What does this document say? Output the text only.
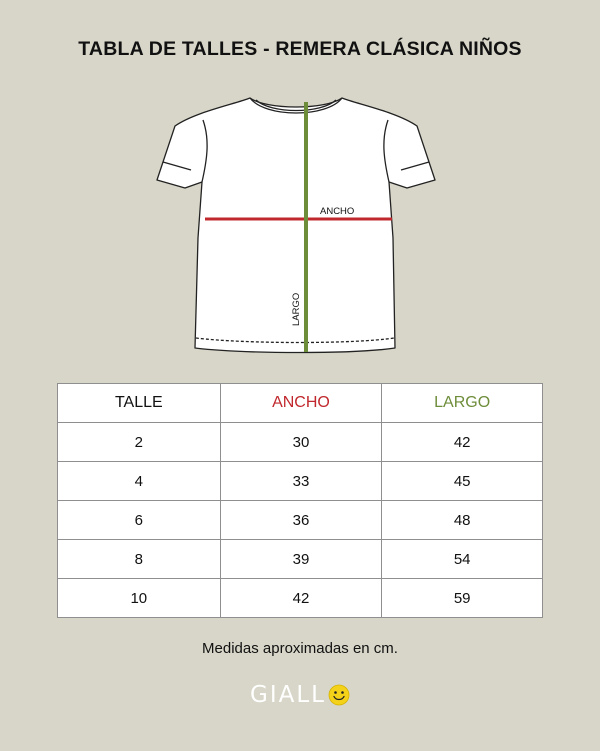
TABLA DE TALLES - REMERA CLÁSICA NIÑOS
ANCHO
LARGO
TALLE	ANCHO	LARGO
2	30	42
4	33	45
6	36	48
8	39	54
10	42	59
Medidas aproximadas en cm.
GIALL
